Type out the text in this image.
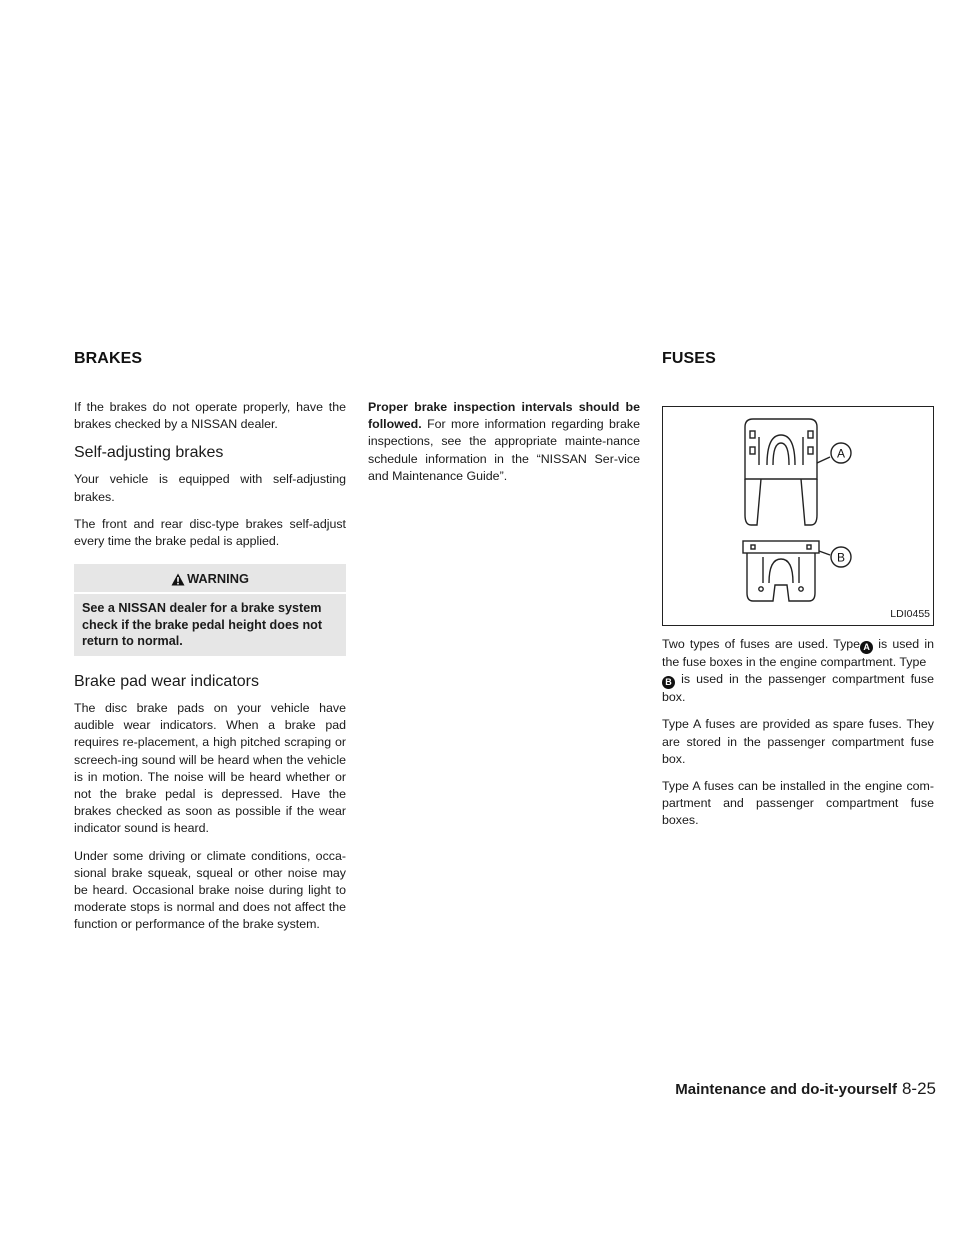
BRAKES	FUSES

If the brakes do not operate properly, have the brakes checked by a NISSAN dealer.

Self-adjusting brakes

Your vehicle is equipped with self-adjusting brakes.

The front and rear disc-type brakes self-adjust every time the brake pedal is applied.

WARNING
See a NISSAN dealer for a brake system check if the brake pedal height does not return to normal.
Brake pad wear indicators

The disc brake pads on your vehicle have audible wear indicators. When a brake pad requires re-placement, a high pitched scraping or screech-ing sound will be heard when the vehicle is in motion. The noise will be heard whether or not the brake pedal is depressed. Have the brakes checked as soon as possible if the wear indicator sound is heard.

Under some driving or climate conditions, occa-sional brake squeak, squeal or other noise may be heard. Occasional brake noise during light to moderate stops is normal and does not affect the function or performance of the brake system.

Proper brake inspection intervals should be followed. For more information regarding brake inspections, see the appropriate mainte-nance schedule information in the “NISSAN Ser-vice and Maintenance Guide”.

A
B
LDI0455

Two types of fuses are used. Type A is used in the fuse boxes in the engine compartment. Type
B is used in the passenger compartment fuse box.

Type A fuses are provided as spare fuses. They are stored in the passenger compartment fuse box.

Type A fuses can be installed in the engine com-partment and passenger compartment fuse boxes.

Maintenance and do-it-yourself 8-25
